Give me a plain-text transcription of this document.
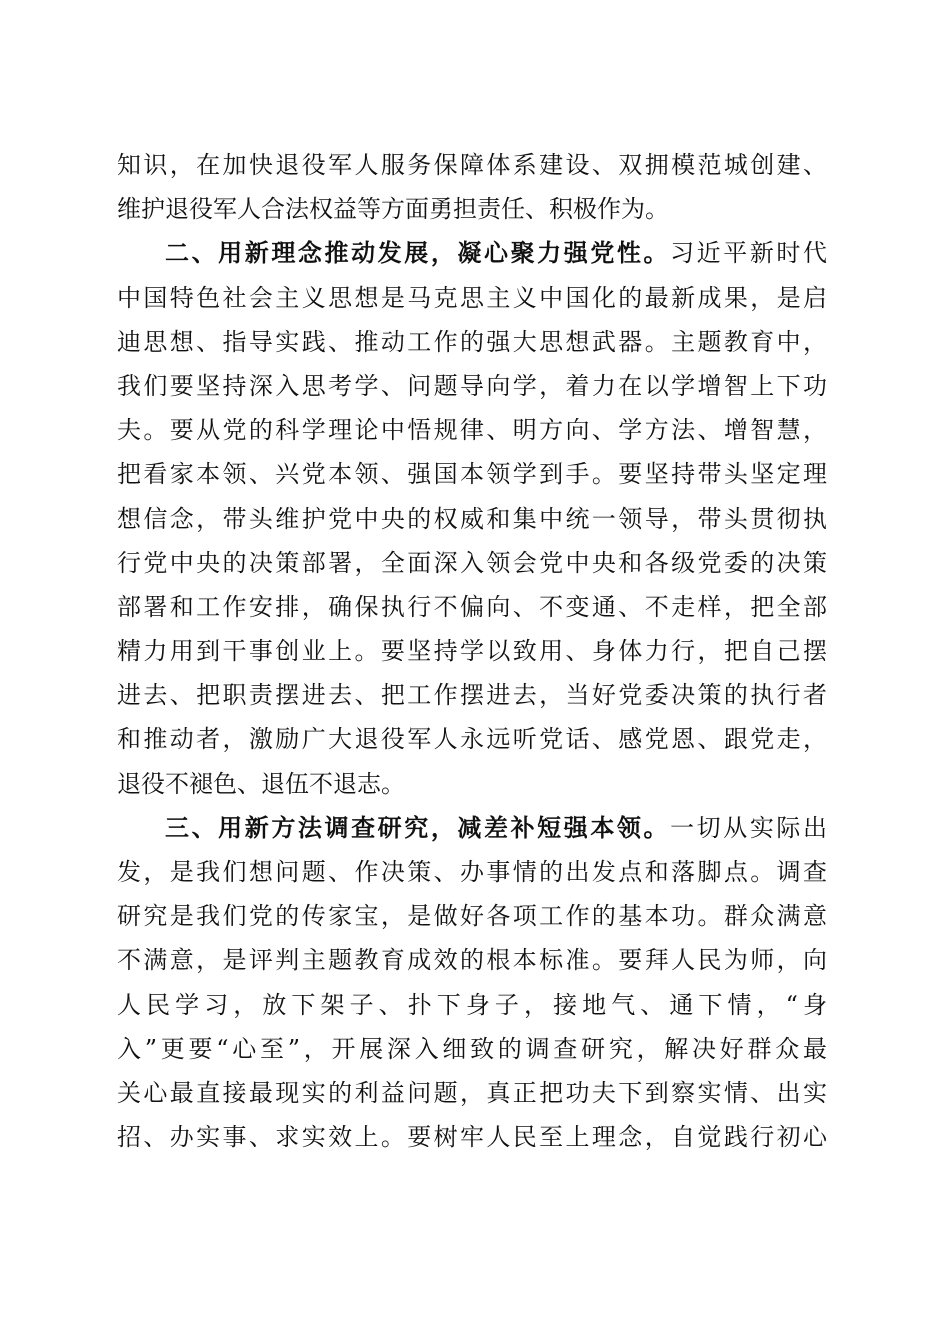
知识，在加快退役军人服务保障体系建设、双拥模范城创建、
维护退役军人合法权益等方面勇担责任、积极作为。
二、用新理念推动发展，凝心聚力强党性。习近平新时代
中国特色社会主义思想是马克思主义中国化的最新成果，是启
迪思想、指导实践、推动工作的强大思想武器。主题教育中，
我们要坚持深入思考学、问题导向学，着力在以学增智上下功
夫。要从党的科学理论中悟规律、明方向、学方法、增智慧，
把看家本领、兴党本领、强国本领学到手。要坚持带头坚定理
想信念，带头维护党中央的权威和集中统一领导，带头贯彻执
行党中央的决策部署，全面深入领会党中央和各级党委的决策
部署和工作安排，确保执行不偏向、不变通、不走样，把全部
精力用到干事创业上。要坚持学以致用、身体力行，把自己摆
进去、把职责摆进去、把工作摆进去，当好党委决策的执行者
和推动者，激励广大退役军人永远听党话、感党恩、跟党走，
退役不褪色、退伍不退志。
三、用新方法调查研究，减差补短强本领。一切从实际出
发，是我们想问题、作决策、办事情的出发点和落脚点。调查
研究是我们党的传家宝，是做好各项工作的基本功。群众满意
不满意，是评判主题教育成效的根本标准。要拜人民为师，向
人民学习，放下架子、扑下身子，接地气、通下情，“身
入”更要“心至”，开展深入细致的调查研究，解决好群众最
关心最直接最现实的利益问题，真正把功夫下到察实情、出实
招、办实事、求实效上。要树牢人民至上理念，自觉践行初心
